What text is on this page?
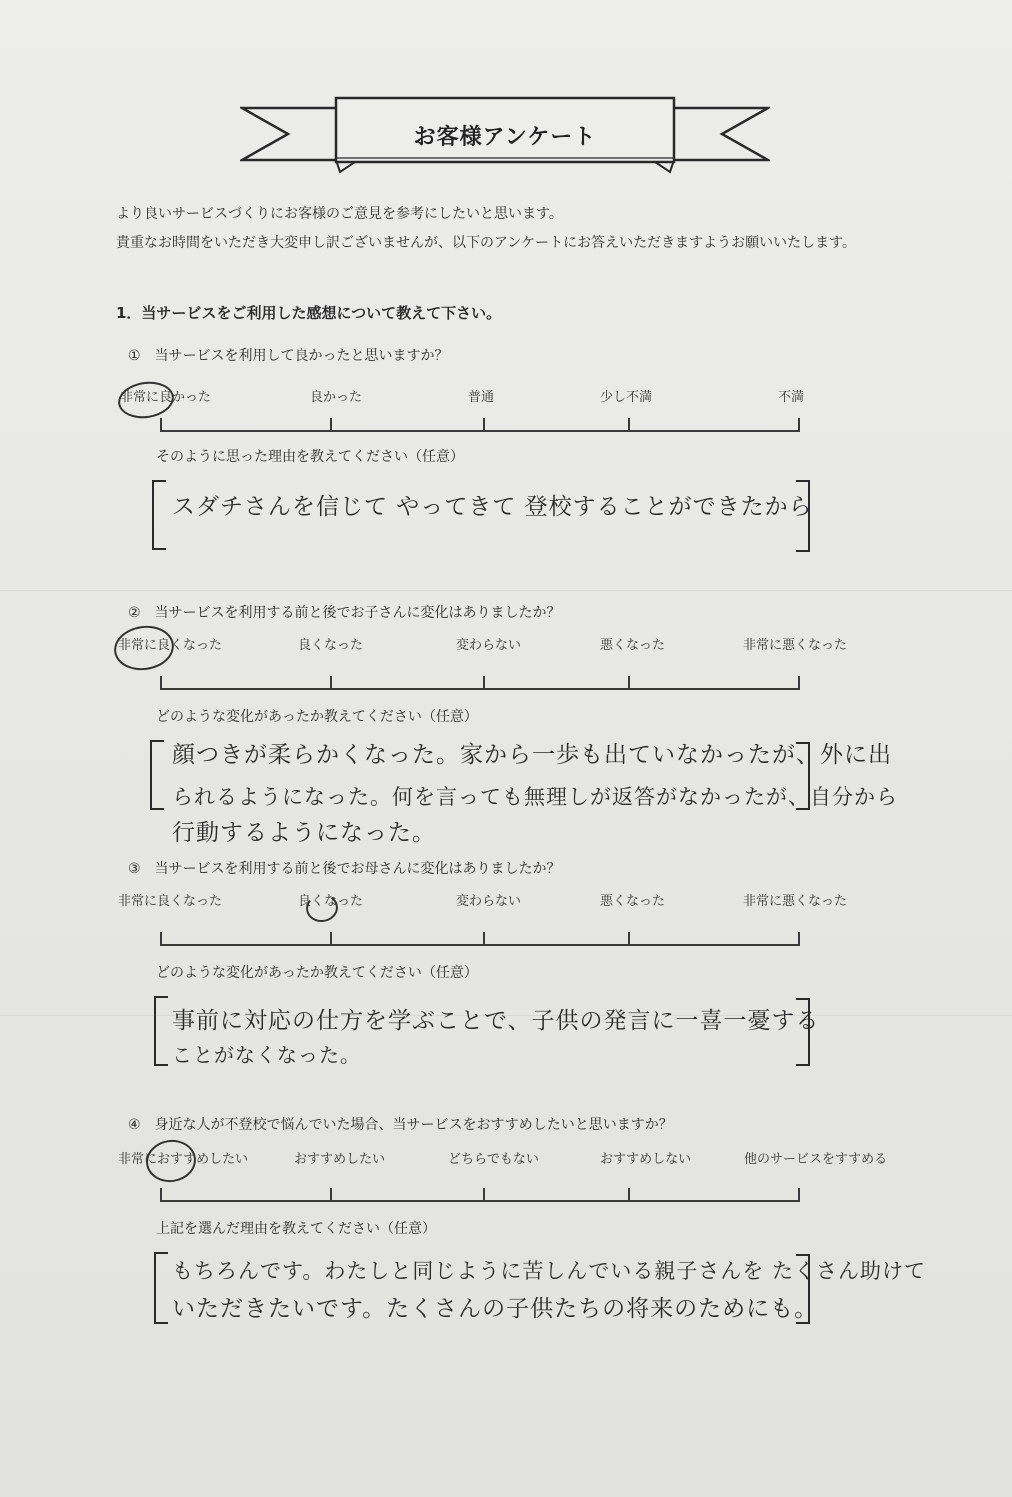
お客様アンケート
より良いサービスづくりにお客様のご意見を参考にしたいと思います。
貴重なお時間をいただき大変申し訳ございませんが、以下のアンケートにお答えいただきますようお願いいたします。
1．当サービスをご利用した感想について教えて下さい。
①　当サービスを利用して良かったと思いますか？
非常に良かった	良かった	普通	少し不満	不満
そのように思った理由を教えてください（任意）
スダチさんを信じて やってきて 登校することができたから
②　当サービスを利用する前と後でお子さんに変化はありましたか？
非常に良くなった	良くなった	変わらない	悪くなった	非常に悪くなった
どのような変化があったか教えてください（任意）
顔つきが柔らかくなった。家から一歩も出ていなかったが、外に出
られるようになった。何を言っても無理しが返答がなかったが、自分から
行動するようになった。
③　当サービスを利用する前と後でお母さんに変化はありましたか？
非常に良くなった	良くなった	変わらない	悪くなった	非常に悪くなった
どのような変化があったか教えてください（任意）
事前に対応の仕方を学ぶことで、子供の発言に一喜一憂する
ことがなくなった。
④　身近な人が不登校で悩んでいた場合、当サービスをおすすめしたいと思いますか？
非常におすすめしたい	おすすめしたい	どちらでもない	おすすめしない	他のサービスをすすめる
上記を選んだ理由を教えてください（任意）
もちろんです。わたしと同じように苦しんでいる親子さんを たくさん助けて
いただきたいです。たくさんの子供たちの将来のためにも。
